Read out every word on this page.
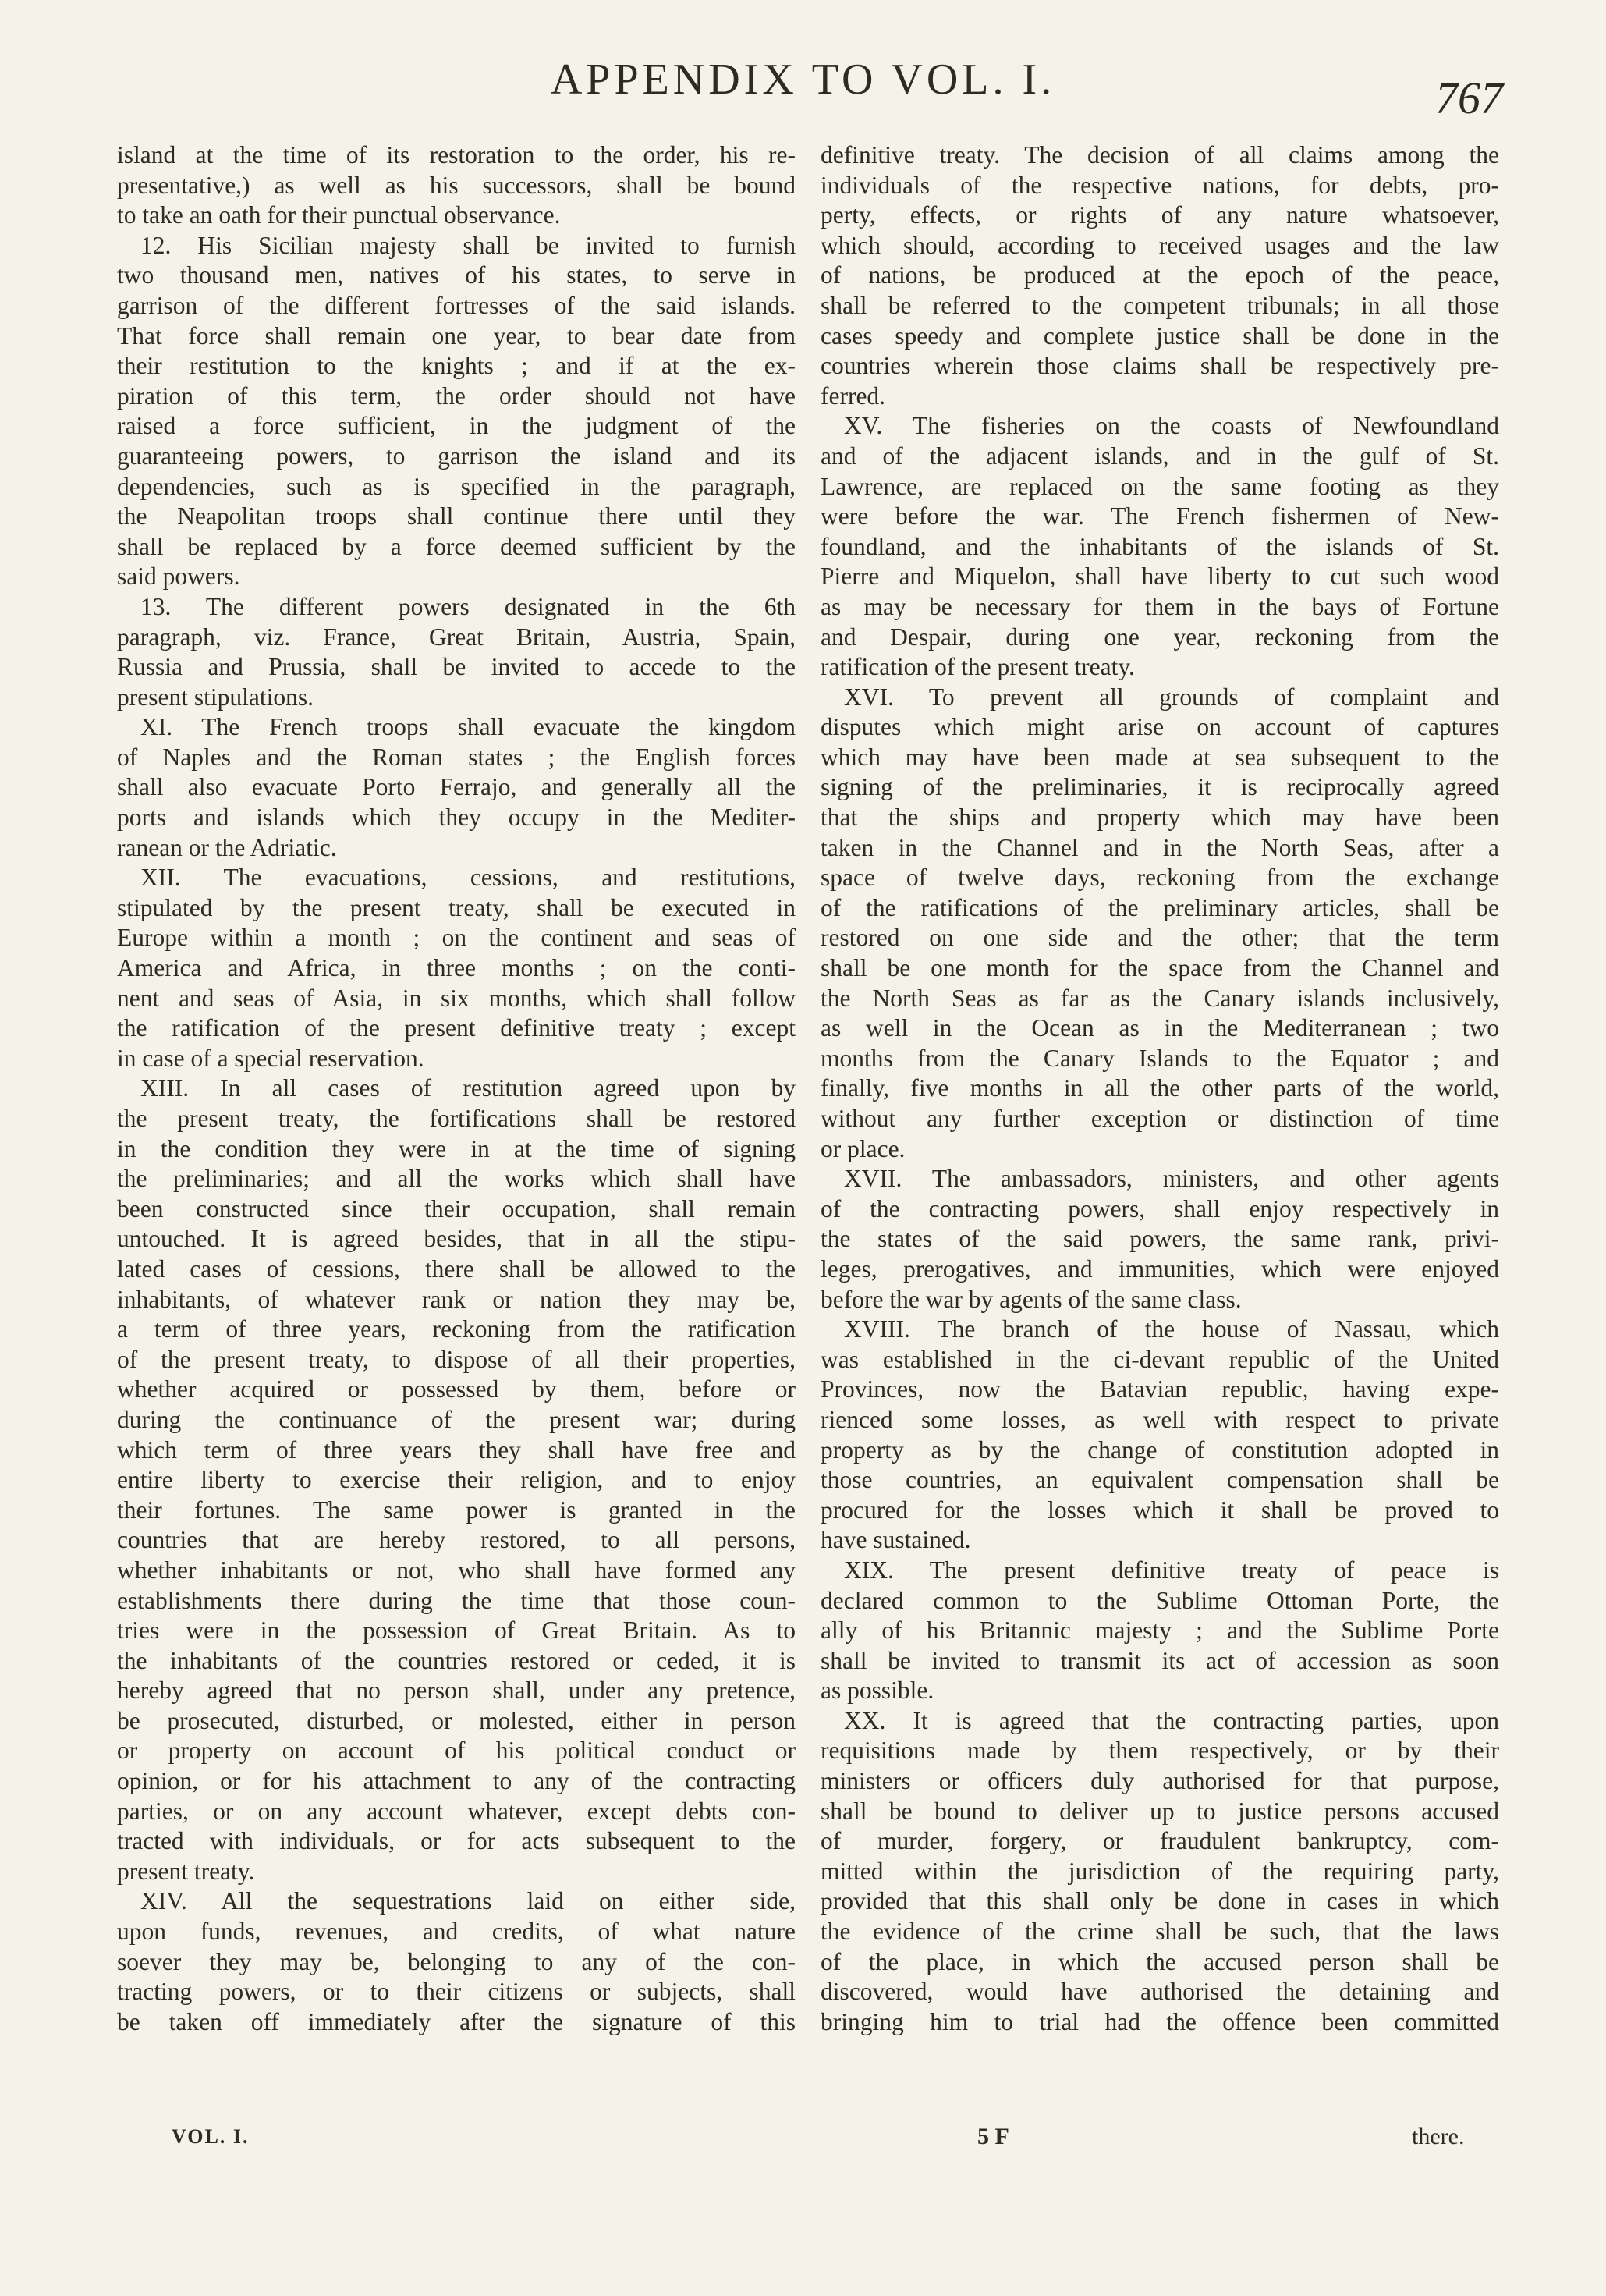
APPENDIX TO VOL. I.	767
island at the time of its restoration to the order, his re-
presentative,) as well as his successors, shall be bound
to take an oath for their punctual observance.
12. His Sicilian majesty shall be invited to furnish
two thousand men, natives of his states, to serve in
garrison of the different fortresses of the said islands.
That force shall remain one year, to bear date from
their restitution to the knights ; and if at the ex-
piration of this term, the order should not have
raised a force sufficient, in the judgment of the
guaranteeing powers, to garrison the island and its
dependencies, such as is specified in the paragraph,
the Neapolitan troops shall continue there until they
shall be replaced by a force deemed sufficient by the
said powers.
13. The different powers designated in the 6th
paragraph, viz. France, Great Britain, Austria, Spain,
Russia and Prussia, shall be invited to accede to the
present stipulations.
XI. The French troops shall evacuate the kingdom
of Naples and the Roman states ; the English forces
shall also evacuate Porto Ferrajo, and generally all the
ports and islands which they occupy in the Mediter-
ranean or the Adriatic.
XII. The evacuations, cessions, and restitutions,
stipulated by the present treaty, shall be executed in
Europe within a month ; on the continent and seas of
America and Africa, in three months ; on the conti-
nent and seas of Asia, in six months, which shall follow
the ratification of the present definitive treaty ; except
in case of a special reservation.
XIII. In all cases of restitution agreed upon by
the present treaty, the fortifications shall be restored
in the condition they were in at the time of signing
the preliminaries; and all the works which shall have
been constructed since their occupation, shall remain
untouched. It is agreed besides, that in all the stipu-
lated cases of cessions, there shall be allowed to the
inhabitants, of whatever rank or nation they may be,
a term of three years, reckoning from the ratification
of the present treaty, to dispose of all their properties,
whether acquired or possessed by them, before or
during the continuance of the present war; during
which term of three years they shall have free and
entire liberty to exercise their religion, and to enjoy
their fortunes. The same power is granted in the
countries that are hereby restored, to all persons,
whether inhabitants or not, who shall have formed any
establishments there during the time that those coun-
tries were in the possession of Great Britain. As to
the inhabitants of the countries restored or ceded, it is
hereby agreed that no person shall, under any pretence,
be prosecuted, disturbed, or molested, either in person
or property on account of his political conduct or
opinion, or for his attachment to any of the contracting
parties, or on any account whatever, except debts con-
tracted with individuals, or for acts subsequent to the
present treaty.
XIV. All the sequestrations laid on either side,
upon funds, revenues, and credits, of what nature
soever they may be, belonging to any of the con-
tracting powers, or to their citizens or subjects, shall
be taken off immediately after the signature of this
definitive treaty. The decision of all claims among the
individuals of the respective nations, for debts, pro-
perty, effects, or rights of any nature whatsoever,
which should, according to received usages and the law
of nations, be produced at the epoch of the peace,
shall be referred to the competent tribunals; in all those
cases speedy and complete justice shall be done in the
countries wherein those claims shall be respectively pre-
ferred.
XV. The fisheries on the coasts of Newfoundland
and of the adjacent islands, and in the gulf of St.
Lawrence, are replaced on the same footing as they
were before the war. The French fishermen of New-
foundland, and the inhabitants of the islands of St.
Pierre and Miquelon, shall have liberty to cut such wood
as may be necessary for them in the bays of Fortune
and Despair, during one year, reckoning from the
ratification of the present treaty.
XVI. To prevent all grounds of complaint and
disputes which might arise on account of captures
which may have been made at sea subsequent to the
signing of the preliminaries, it is reciprocally agreed
that the ships and property which may have been
taken in the Channel and in the North Seas, after a
space of twelve days, reckoning from the exchange
of the ratifications of the preliminary articles, shall be
restored on one side and the other; that the term
shall be one month for the space from the Channel and
the North Seas as far as the Canary islands inclusively,
as well in the Ocean as in the Mediterranean ; two
months from the Canary Islands to the Equator ; and
finally, five months in all the other parts of the world,
without any further exception or distinction of time
or place.
XVII. The ambassadors, ministers, and other agents
of the contracting powers, shall enjoy respectively in
the states of the said powers, the same rank, privi-
leges, prerogatives, and immunities, which were enjoyed
before the war by agents of the same class.
XVIII. The branch of the house of Nassau, which
was established in the ci-devant republic of the United
Provinces, now the Batavian republic, having expe-
rienced some losses, as well with respect to private
property as by the change of constitution adopted in
those countries, an equivalent compensation shall be
procured for the losses which it shall be proved to
have sustained.
XIX. The present definitive treaty of peace is
declared common to the Sublime Ottoman Porte, the
ally of his Britannic majesty ; and the Sublime Porte
shall be invited to transmit its act of accession as soon
as possible.
XX. It is agreed that the contracting parties, upon
requisitions made by them respectively, or by their
ministers or officers duly authorised for that purpose,
shall be bound to deliver up to justice persons accused
of murder, forgery, or fraudulent bankruptcy, com-
mitted within the jurisdiction of the requiring party,
provided that this shall only be done in cases in which
the evidence of the crime shall be such, that the laws
of the place, in which the accused person shall be
discovered, would have authorised the detaining and
bringing him to trial had the offence been committed
VOL. I.	5 F	there.
